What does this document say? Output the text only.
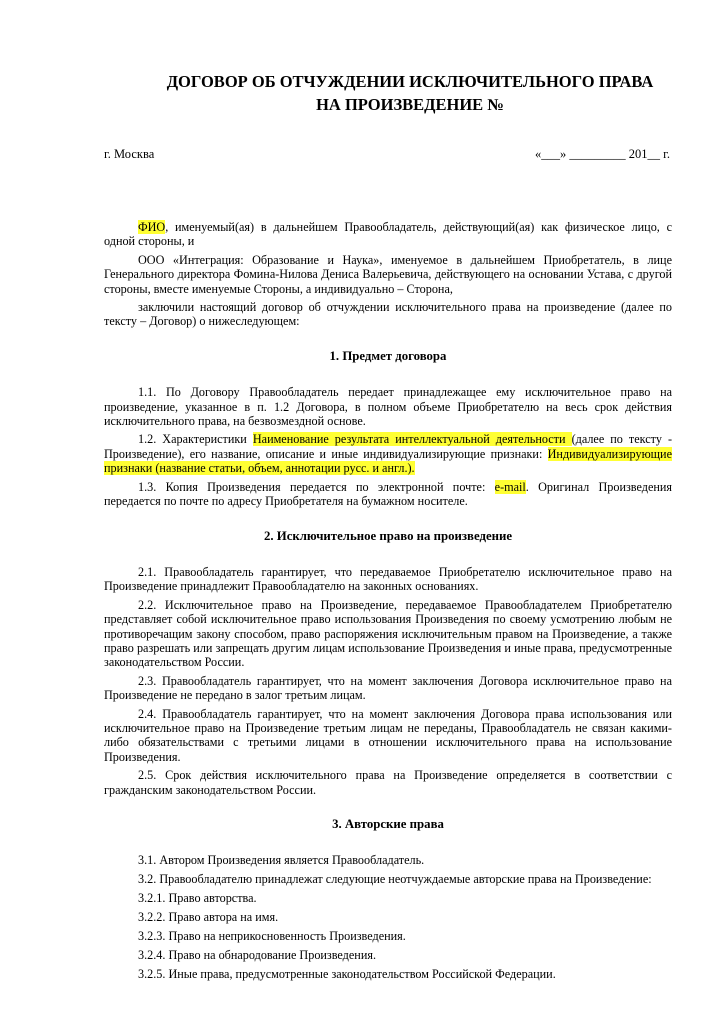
ДОГОВОР ОБ ОТЧУЖДЕНИИ ИСКЛЮЧИТЕЛЬНОГО ПРАВА
НА ПРОИЗВЕДЕНИЕ №
г. Москва	«___» _________ 201__ г.

ФИО, именуемый(ая) в дальнейшем Правообладатель, действующий(ая) как физическое лицо, с одной стороны, и

ООО «Интеграция: Образование и Наука», именуемое в дальнейшем Приобретатель, в лице Генерального директора Фомина-Нилова Дениса Валерьевича, действующего на основании Устава, с другой стороны, вместе именуемые Стороны, а индивидуально – Сторона,

заключили настоящий договор об отчуждении исключительного права на произведение (далее по тексту – Договор) о нижеследующем:

1. Предмет договора

1.1. По Договору Правообладатель передает принадлежащее ему исключительное право на произведение, указанное в п. 1.2 Договора, в полном объеме Приобретателю на весь срок действия исключительного права, на безвозмездной основе.

1.2. Характеристики Наименование результата интеллектуальной деятельности (далее по тексту - Произведение), его название, описание и иные индивидуализирующие признаки: Индивидуализирующие признаки (название статьи, объем, аннотации русс. и англ.).

1.3. Копия Произведения передается по электронной почте: e-mail. Оригинал Произведения передается по почте по адресу Приобретателя на бумажном носителе.

2. Исключительное право на произведение

2.1. Правообладатель гарантирует, что передаваемое Приобретателю исключительное право на Произведение принадлежит Правообладателю на законных основаниях.

2.2. Исключительное право на Произведение, передаваемое Правообладателем Приобретателю представляет собой исключительное право использования Произведения по своему усмотрению любым не противоречащим закону способом, право распоряжения исключительным правом на Произведение, а также право разрешать или запрещать другим лицам использование Произведения и иные права, предусмотренные законодательством России.

2.3. Правообладатель гарантирует, что на момент заключения Договора исключительное право на Произведение не передано в залог третьим лицам.

2.4. Правообладатель гарантирует, что на момент заключения Договора права использования или исключительное право на Произведение третьим лицам не переданы, Правообладатель не связан какими-либо обязательствами с третьими лицами в отношении исключительного права на использование Произведения.

2.5. Срок действия исключительного права на Произведение определяется в соответствии с гражданским законодательством России.

3. Авторские права

3.1. Автором Произведения является Правообладатель.

3.2. Правообладателю принадлежат следующие неотчуждаемые авторские права на Произведение:

3.2.1. Право авторства.

3.2.2. Право автора на имя.

3.2.3. Право на неприкосновенность Произведения.

3.2.4. Право на обнародование Произведения.

3.2.5. Иные права, предусмотренные законодательством Российской Федерации.
